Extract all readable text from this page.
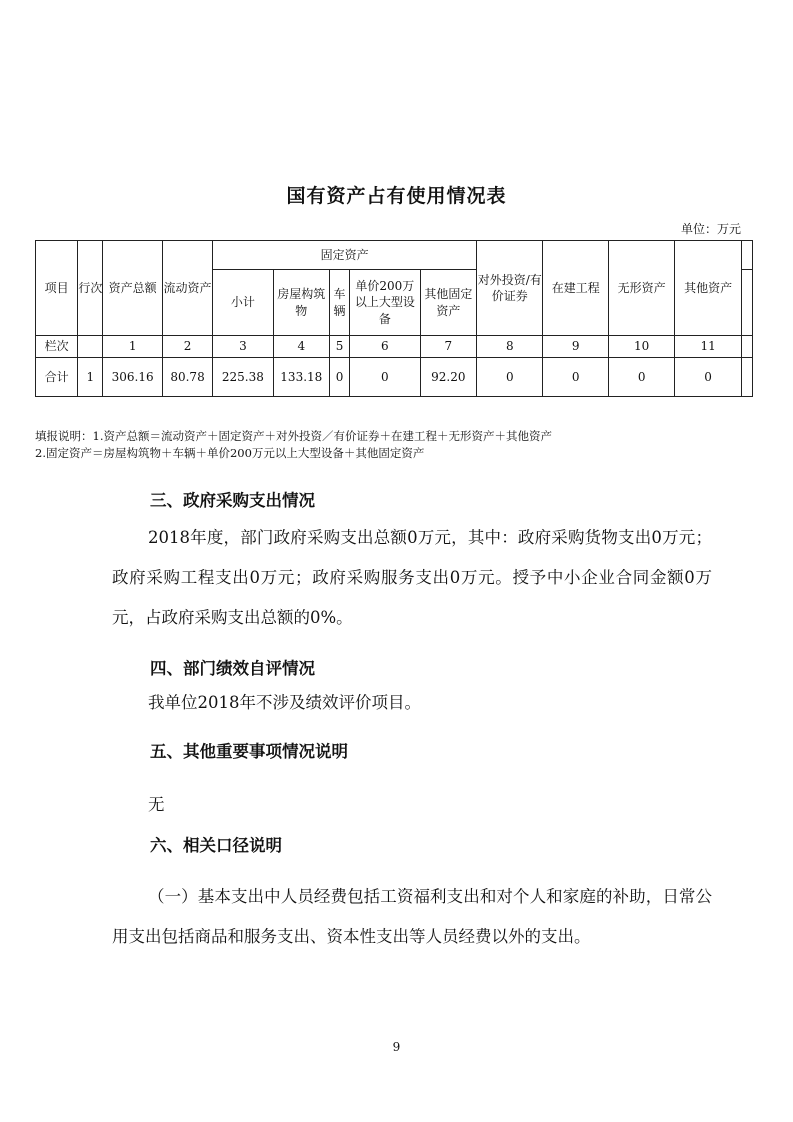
国有资产占有使用情况表
单位：万元
项目	行次	资产总额	流动资产	固定资产					对外投资/有价证券	在建工程	无形资产	其他资产	
				小计	房屋构筑物	车辆	单价200万以上大型设备	其他固定资产					
栏次		1	2	3	4	5	6	7	8	9	10	11	
合计	1	306.16	80.78	225.38	133.18	0	0	92.20	0	0	0	0	
填报说明：1.资产总额＝流动资产＋固定资产＋对外投资／有价证券＋在建工程＋无形资产＋其他资产
2.固定资产＝房屋构筑物＋车辆＋单价200万元以上大型设备＋其他固定资产
三、政府采购支出情况
2018年度，部门政府采购支出总额0万元，其中：政府采购货物支出0万元；政府采购工程支出0万元；政府采购服务支出0万元。授予中小企业合同金额0万元，占政府采购支出总额的0%。
四、部门绩效自评情况
我单位2018年不涉及绩效评价项目。
五、其他重要事项情况说明
无
六、相关口径说明
（一）基本支出中人员经费包括工资福利支出和对个人和家庭的补助，日常公用支出包括商品和服务支出、资本性支出等人员经费以外的支出。
9
